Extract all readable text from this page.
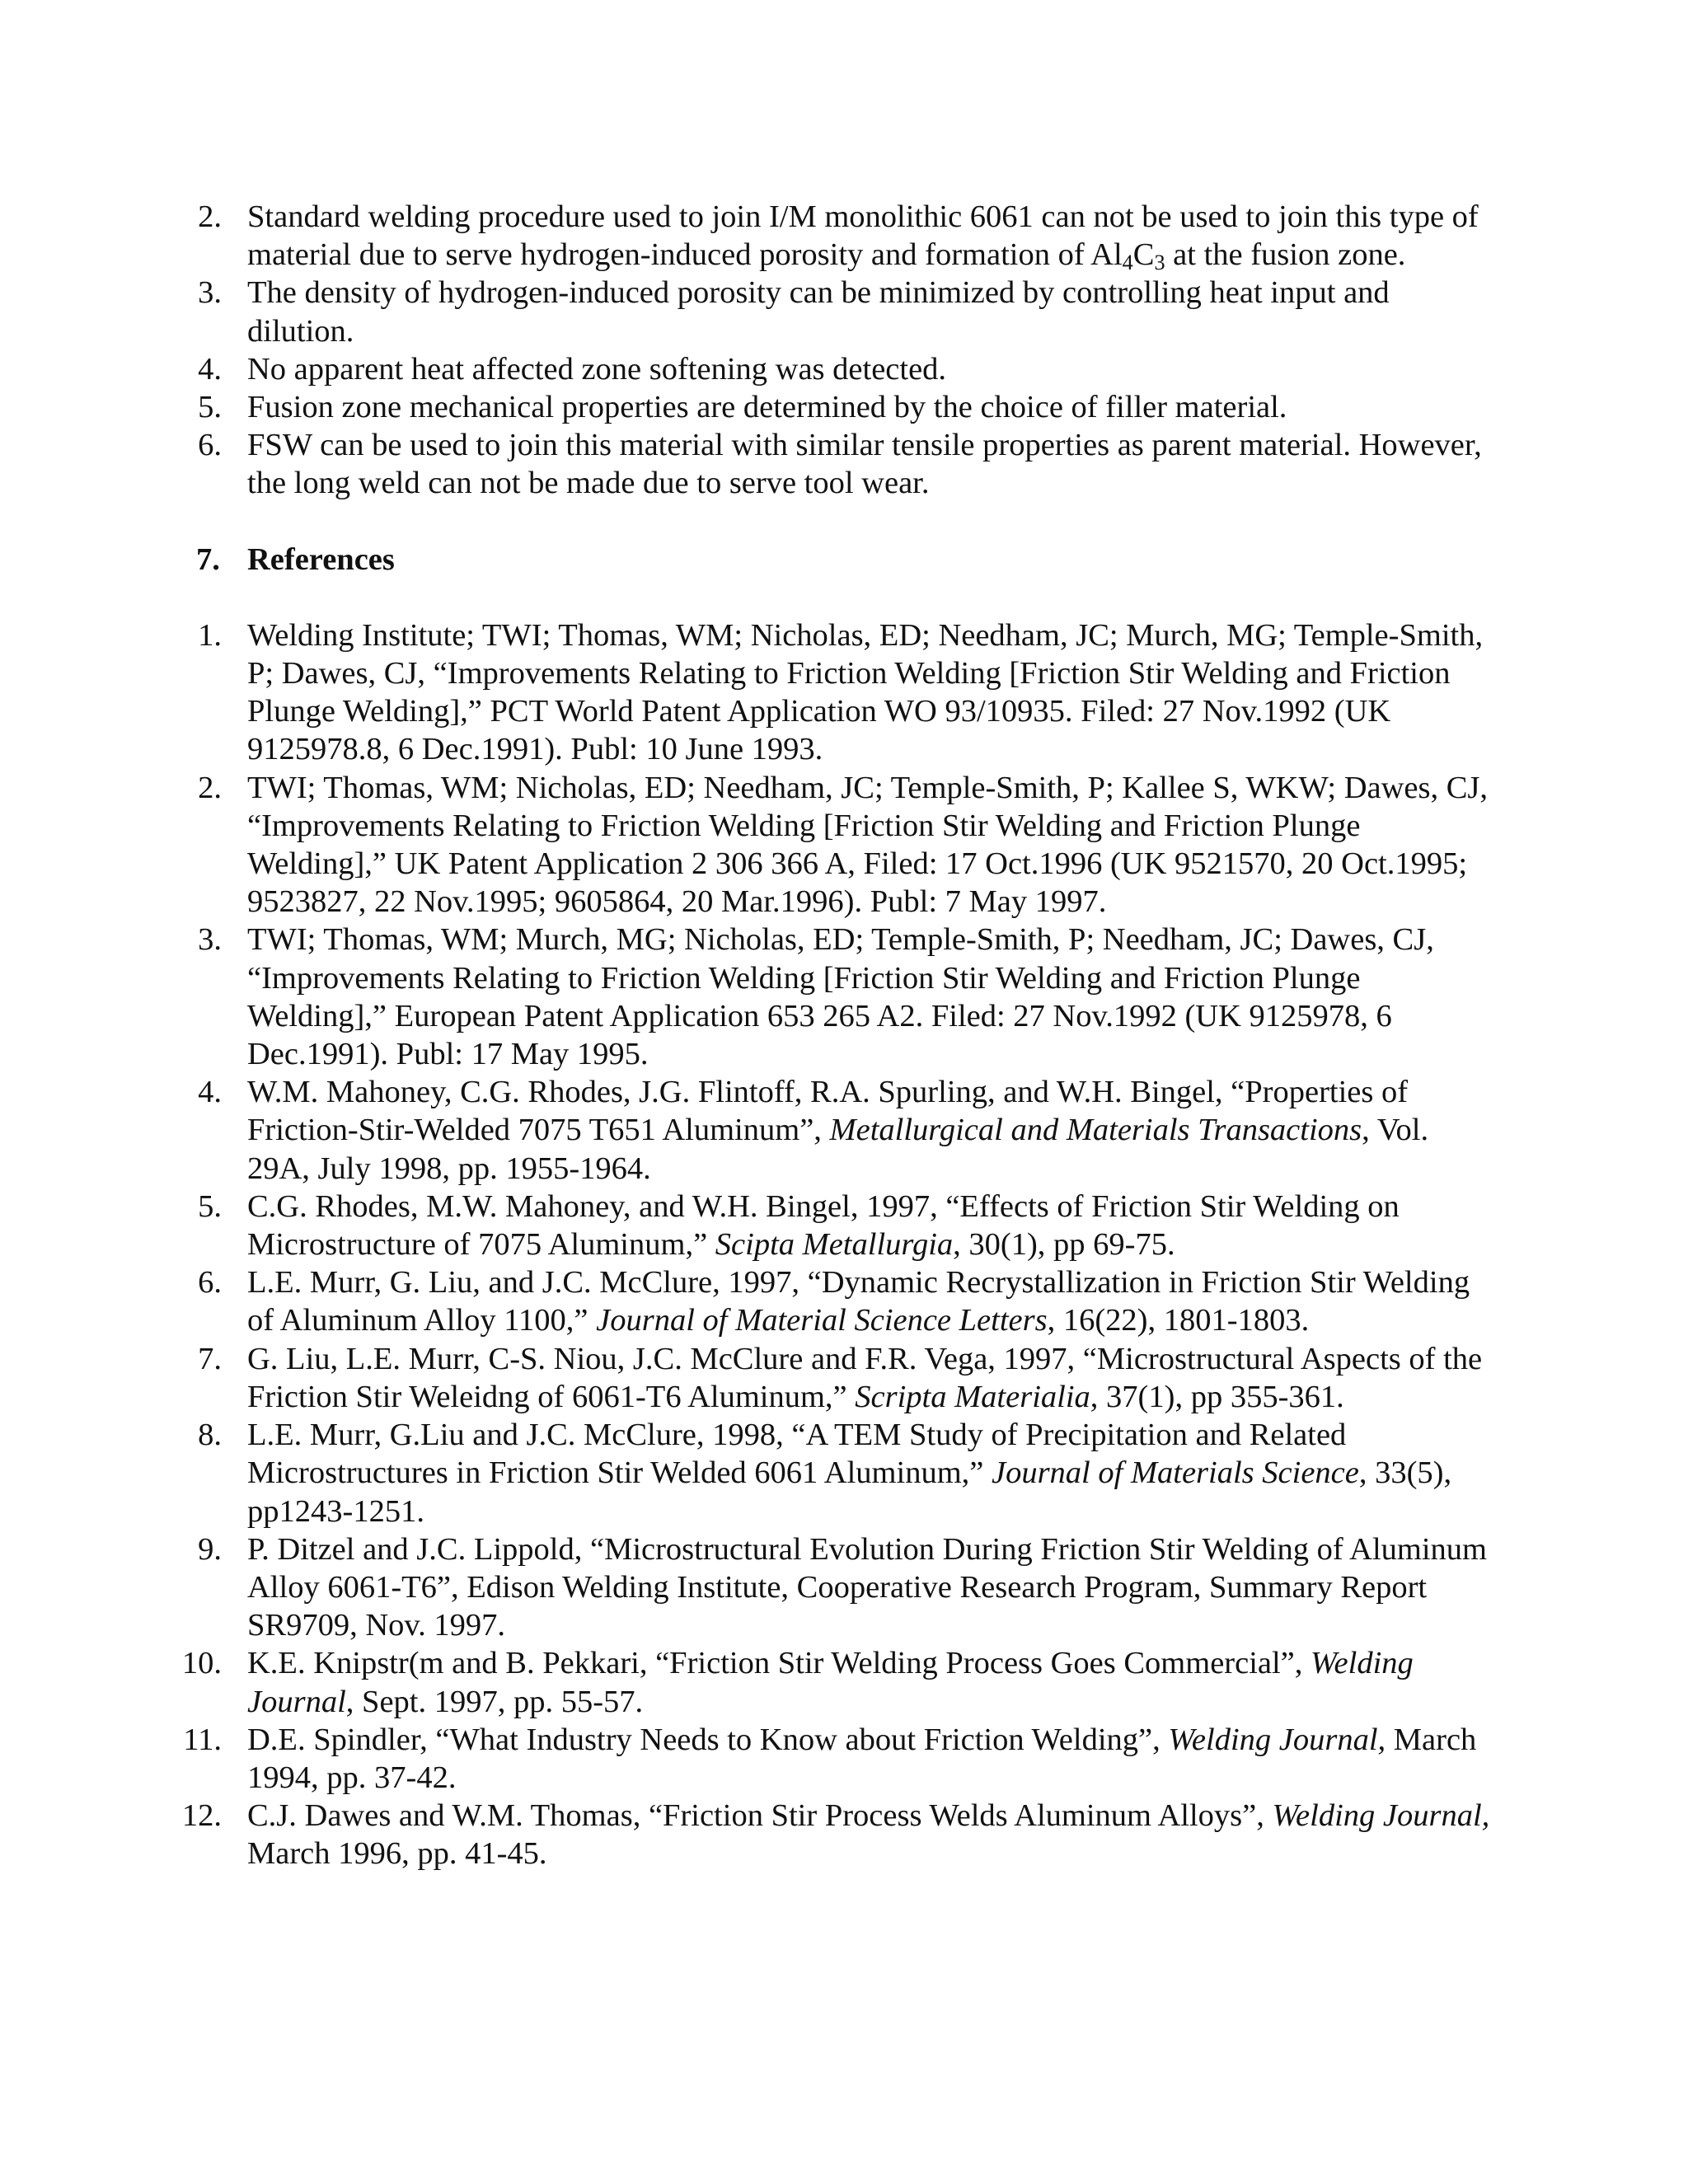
2. Standard welding procedure used to join I/M monolithic 6061 can not be used to join this type of material due to serve hydrogen-induced porosity and formation of $Al_4C_3$ at the fusion zone.
3. The density of hydrogen-induced porosity can be minimized by controlling heat input and dilution.
4. No apparent heat affected zone softening was detected.
5. Fusion zone mechanical properties are determined by the choice of filler material.
6. FSW can be used to join this material with similar tensile properties as parent material. However, the long weld can not be made due to serve tool wear.
7. References
1. Welding Institute; TWI; Thomas, WM; Nicholas, ED; Needham, JC; Murch, MG; Temple-Smith, P; Dawes, CJ, “Improvements Relating to Friction Welding [Friction Stir Welding and Friction Plunge Welding],” PCT World Patent Application WO 93/10935. Filed: 27 Nov.1992 (UK 9125978.8, 6 Dec.1991). Publ: 10 June 1993.
2. TWI; Thomas, WM; Nicholas, ED; Needham, JC; Temple-Smith, P; Kallee S, WKW; Dawes, CJ, “Improvements Relating to Friction Welding [Friction Stir Welding and Friction Plunge Welding],” UK Patent Application 2 306 366 A, Filed: 17 Oct.1996 (UK 9521570, 20 Oct.1995; 9523827, 22 Nov.1995; 9605864, 20 Mar.1996). Publ: 7 May 1997.
3. TWI; Thomas, WM; Murch, MG; Nicholas, ED; Temple-Smith, P; Needham, JC; Dawes, CJ, “Improvements Relating to Friction Welding [Friction Stir Welding and Friction Plunge Welding],” European Patent Application 653 265 A2. Filed: 27 Nov.1992 (UK 9125978, 6 Dec.1991). Publ: 17 May 1995.
4. W.M. Mahoney, C.G. Rhodes, J.G. Flintoff, R.A. Spurling, and W.H. Bingel, “Properties of Friction-Stir-Welded 7075 T651 Aluminum”, Metallurgical and Materials Transactions, Vol. 29A, July 1998, pp. 1955-1964.
5. C.G. Rhodes, M.W. Mahoney, and W.H. Bingel, 1997, “Effects of Friction Stir Welding on Microstructure of 7075 Aluminum,” Scipta Metallurgia, 30(1), pp 69-75.
6. L.E. Murr, G. Liu, and J.C. McClure, 1997, “Dynamic Recrystallization in Friction Stir Welding of Aluminum Alloy 1100,” Journal of Material Science Letters, 16(22), 1801-1803.
7. G. Liu, L.E. Murr, C-S. Niou, J.C. McClure and F.R. Vega, 1997, “Microstructural Aspects of the Friction Stir Weleidng of 6061-T6 Aluminum,” Scripta Materialia, 37(1), pp 355-361.
8. L.E. Murr, G.Liu and J.C. McClure, 1998, “A TEM Study of Precipitation and Related Microstructures in Friction Stir Welded 6061 Aluminum,” Journal of Materials Science, 33(5), pp1243-1251.
9. P. Ditzel and J.C. Lippold, “Microstructural Evolution During Friction Stir Welding of Aluminum Alloy 6061-T6”, Edison Welding Institute, Cooperative Research Program, Summary Report SR9709, Nov. 1997.
10. K.E. Knipstr(m and B. Pekkari, “Friction Stir Welding Process Goes Commercial”, Welding Journal, Sept. 1997, pp. 55-57.
11. D.E. Spindler, “What Industry Needs to Know about Friction Welding”, Welding Journal, March 1994, pp. 37-42.
12. C.J. Dawes and W.M. Thomas, “Friction Stir Process Welds Aluminum Alloys”, Welding Journal, March 1996, pp. 41-45.
